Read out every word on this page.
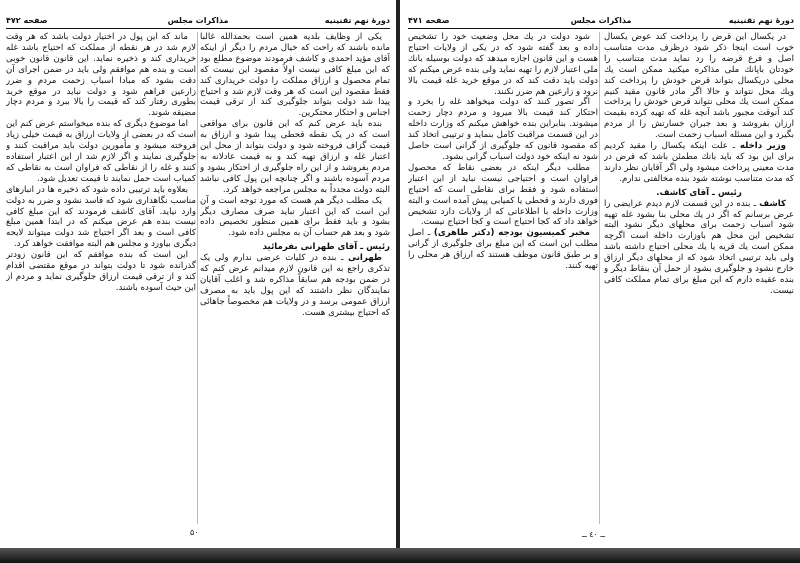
دورهٔ نهم تقنينيه
مذاکرات مجلس
صفحه ۴۷۲

یکی از وظایف بلدیه همین است بحمدالله غالباً مانده باشند که راحت که خیال مردم را دیگر از اینکه آقای مؤید احمدی و کاشف فرمودند موضوع مطلع بود که این مبلغ کافی نیست اولاً مقصود این نیست که تمام محصول و ارزاق مملکت را دولت خریداری کند فقط مقصود این است که هر وقت لازم شد و احتیاج پیدا شد دولت بتواند جلوگیری کند از ترقی قیمت اجناس و احتکار محتکرین.

بنده باید عرض کنم که این قانون برای مواقعی است که در یک نقطه قحطی پیدا شود و ارزاق به قیمت گزاف فروخته شود و دولت بتواند از محل این اعتبار غله و ارزاق تهیه کند و به قیمت عادلانه به مردم بفروشد و از این راه جلوگیری از احتکار بشود و مردم آسوده باشند و اگر چنانچه این پول کافی نباشد البته دولت مجدداً به مجلس مراجعه خواهد کرد.

یک مطلب دیگر هم هست که مورد توجه است و آن این است که این اعتبار نباید صرف مصارف دیگر بشود و باید فقط برای همین منظور تخصیص داده شود و بعد هم حساب آن به مجلس داده شود.

رئیس ـ آقای طهرانی بفرمائید

طهرانی ـ بنده در کلیات عرضی ندارم ولی یک تذکری راجع به این قانون لازم میدانم عرض کنم که در ضمن بودجه هم سابقاً مذاکره شد و اغلب آقایان نمایندگان نظر داشتند که این پول باید به مصرف ارزاق عمومی برسد و در ولایات هم مخصوصاً جاهائی که احتیاج بیشتری هست.

ماند که این پول در اختیار دولت باشد که هر وقت لازم شد در هر نقطه از مملکت که احتیاج باشد غله خریداری کند و ذخیره نماید. این قانون قانون خوبی است و بنده هم موافقم ولی باید در ضمن اجرای آن دقت بشود که مبادا اسباب زحمت مردم و ضرر زارعین فراهم شود و دولت نباید در موقع خرید بطوری رفتار کند که قیمت را بالا ببرد و مردم دچار مضیقه شوند.

اما موضوع دیگری که بنده میخواستم عرض کنم این است که در بعضی از ولایات ارزاق به قیمت خیلی زیاد فروخته میشود و مأمورین دولت باید مراقبت کنند و جلوگیری نمایند و اگر لازم شد از این اعتبار استفاده کنند و غله را از نقاطی که فراوان است به نقاطی که کمیاب است حمل نمایند تا قیمت تعدیل شود.

بعلاوه باید ترتیبی داده شود که ذخیره ها در انبارهای مناسب نگاهداری شود که فاسد نشود و ضرر به دولت وارد نیاید. آقای کاشف فرمودند که این مبلغ کافی نیست بنده هم عرض میکنم که در ابتدا همین مبلغ کافی است و بعد اگر احتیاج شد دولت میتواند لایحه دیگری بیاورد و مجلس هم البته موافقت خواهد کرد.

این است که بنده موافقم که این قانون زودتر گذرانده شود تا دولت بتواند در موقع مقتضی اقدام کند و از ترقی قیمت ارزاق جلوگیری نماید و مردم از این حیث آسوده باشند.

۵۰
دورهٔ نهم تقنينيه
مذاکرات مجلس
صفحه ۴۷۱

در یکسال این قرض را پرداخت کند عوض یکسال خوب است اینجا ذکر شود درظرف مدت متناسب اصل و فرع قرضه را رد نماید مدت متناسب را خودتان باپانك ملی مذاکره میکنید ممکن است یك محلی دریکسال بتواند قرض خودش را پرداخت کند ویك محل نتواند و حالا اگر مادر قانون مقید کنیم ممکن است یك محلی نتواند قرض خودش را پرداخت کند آنوقت مجبور باشد آنچه غله که تهیه کرده بقیمت ارزان بفروشد و بعد جبران خسارتش را از مردم بگیرد و این مسئله اسباب زحمت است.

وزیر داخله ـ علت اینکه یکسال را مقید کردیم برای این بود که باید بانك مطمئن باشد که قرض در مدت معینی پرداخت میشود ولی اگر آقایان نظر دارند که مدت متناسب نوشته شود بنده مخالفتی ندارم.

رئیس ـ آقای کاشف.

کاشف ـ بنده در این قسمت لازم دیدم عرایضی را عرض برسانم که اگر در یك محلی بنا بشود غله تهیه شود اسباب زحمت برای محلهای دیگر نشود البته تشخیص این محل هم باوزارت داخله است اگرچه ممکن است یك قریه یا یك محلی احتیاج داشته باشد ولی باید ترتیبی اتخاذ شود که از محلهای دیگر ارزاق خارج نشود و جلوگیری بشود از حمل آن بنقاط دیگر و بنده عقیده دارم که این مبلغ برای تمام مملکت کافی نیست.

شود دولت در یك محل وضعیت خود را تشخیص داده و بعد گفته شود که در یکی از ولایات احتیاج هست و این قانون اجازه میدهد که دولت بوسیله بانك ملی اعتبار لازم را تهیه نماید ولی بنده عرض میکنم که دولت باید دقت کند که در موقع خرید غله قیمت بالا نرود و زارعین هم ضرر نکنند.

اگر تصور کنند که دولت میخواهد غله را بخرد و احتکار کند قیمت بالا میرود و مردم دچار زحمت میشوند. بنابراین بنده خواهش میکنم که وزارت داخله در این قسمت مراقبت کامل بنماید و ترتیبی اتخاذ کند که مقصود قانون که جلوگیری از گرانی است حاصل شود نه اینکه خود دولت اسباب گرانی بشود.

مطلب دیگر اینکه در بعضی نقاط که محصول فراوان است و احتیاجی نیست نباید از این اعتبار استفاده شود و فقط برای نقاطی است که احتیاج فوری دارند و قحطی یا کمیابی پیش آمده است و البته وزارت داخله با اطلاعاتی که از ولایات دارد تشخیص خواهد داد که کجا احتیاج است و کجا احتیاج نیست.

مخبر کمیسیون بودجه (دکتر طاهری) ـ اصل مطلب این است که این مبلغ برای جلوگیری از گرانی و بر طبق قانون موظف هستند که ارزاق هر محلی را تهیه کنند.

ــ ٤٠ ــ
